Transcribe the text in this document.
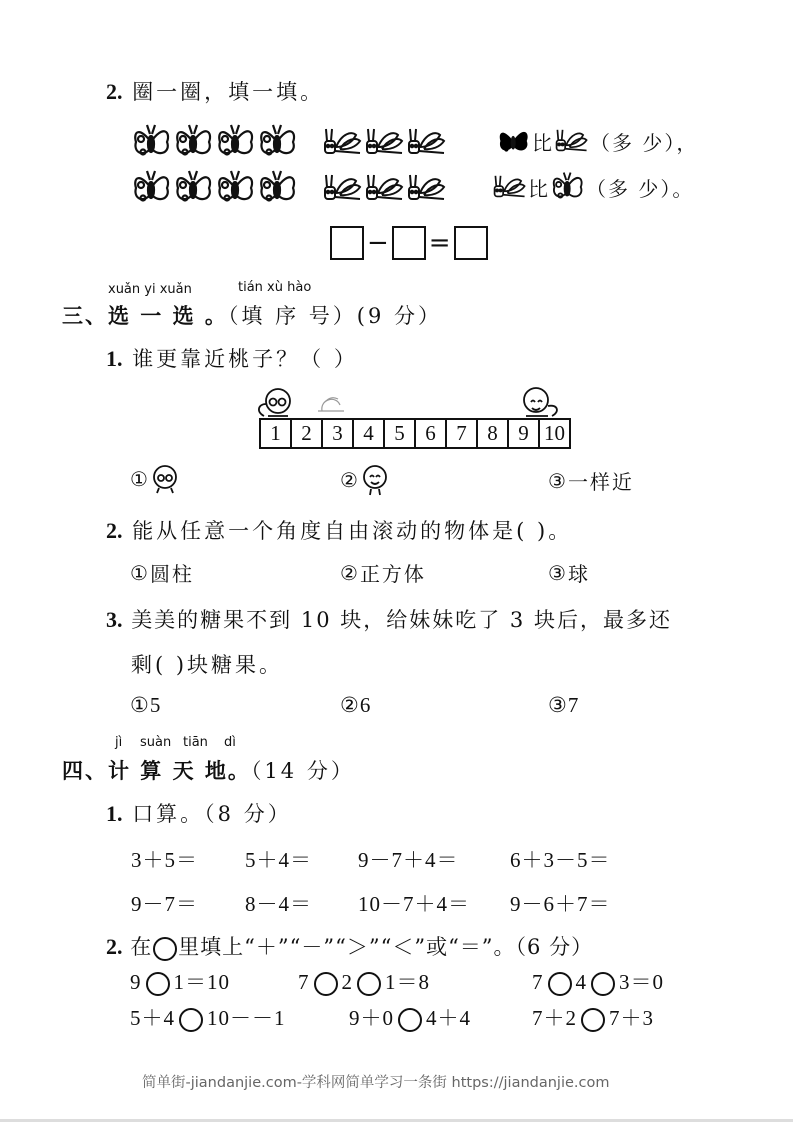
2. 圈一圈，填一填。
比 （多 少），
比 （多 少）。
− =
xuǎn yi xuǎn	tián xù hào
三、选 一 选 。（填 序 号）(9 分）
1. 谁更靠近桃子？（ ）
1 2 3 4 5 6 7 8 9 10
①	②	③ 一样近
2. 能从任意一个角度自由滚动的物体是( )。
① 圆柱	② 正方体	③ 球
3. 美美的糖果不到 10 块，给妹妹吃了 3 块后，最多还
剩( )块糖果。
① 5	② 6	③ 7
jì suàn tiān dì
四、计 算 天 地。（14 分）
1. 口算。（8 分）
3＋5＝ 5＋4＝ 9－7＋4＝ 6＋3－5＝
9－7＝ 8－4＝ 10－7＋4＝ 9－6＋7＝
2. 在 里填上“＋”“－”“＞”“＜”或“＝”。（6 分）
9 1＝10	7 2 1＝8	7 4 3＝0
5＋4 10－－1	9＋0 4＋4	7＋2 7＋3
简单街-jiandanjie.com-学科网简单学习一条街 https://jiandanjie.com
